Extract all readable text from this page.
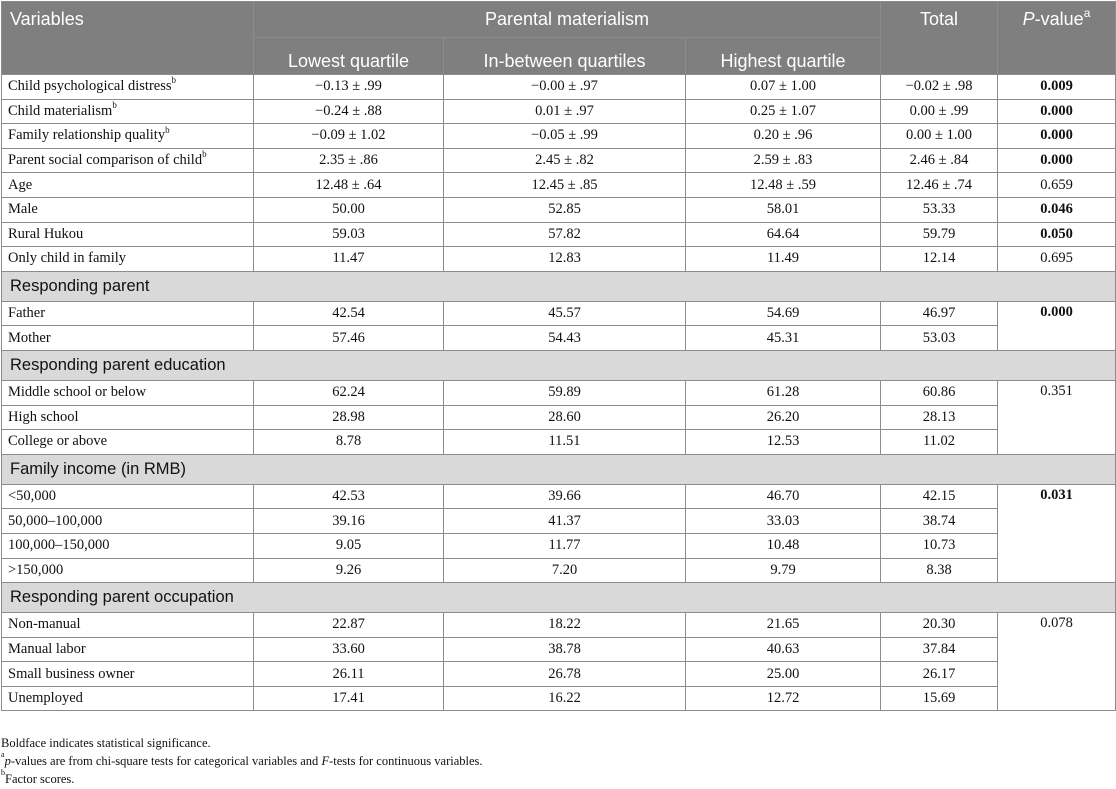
Variables	Parental materialism			Total	P-value$^a$
	Lowest quartile	In-between quartiles	Highest quartile		
Child psychological distress$^b$	−0.13 ± .99	−0.00 ± .97	0.07 ± 1.00	−0.02 ± .98	0.009
Child materialism$^b$	−0.24 ± .88	0.01 ± .97	0.25 ± 1.07	0.00 ± .99	0.000
Family relationship quality$^b$	−0.09 ± 1.02	−0.05 ± .99	0.20 ± .96	0.00 ± 1.00	0.000
Parent social comparison of child$^b$	2.35 ± .86	2.45 ± .82	2.59 ± .83	2.46 ± .84	0.000
Age	12.48 ± .64	12.45 ± .85	12.48 ± .59	12.46 ± .74	0.659
Male	50.00	52.85	58.01	53.33	0.046
Rural Hukou	59.03	57.82	64.64	59.79	0.050
Only child in family	11.47	12.83	11.49	12.14	0.695
Responding parent					
Father	42.54	45.57	54.69	46.97	0.000
Mother	57.46	54.43	45.31	53.03	
Responding parent education					
Middle school or below	62.24	59.89	61.28	60.86	0.351
High school	28.98	28.60	26.20	28.13	
College or above	8.78	11.51	12.53	11.02	
Family income (in RMB)					
<50,000	42.53	39.66	46.70	42.15	0.031
50,000–100,000	39.16	41.37	33.03	38.74	
100,000–150,000	9.05	11.77	10.48	10.73	
>150,000	9.26	7.20	9.79	8.38	
Responding parent occupation					
Non-manual	22.87	18.22	21.65	20.30	0.078
Manual labor	33.60	38.78	40.63	37.84	
Small business owner	26.11	26.78	25.00	26.17	
Unemployed	17.41	16.22	12.72	15.69	
Boldface indicates statistical significance.
$^a$p-values are from chi-square tests for categorical variables and F-tests for continuous variables.
$^b$Factor scores.
